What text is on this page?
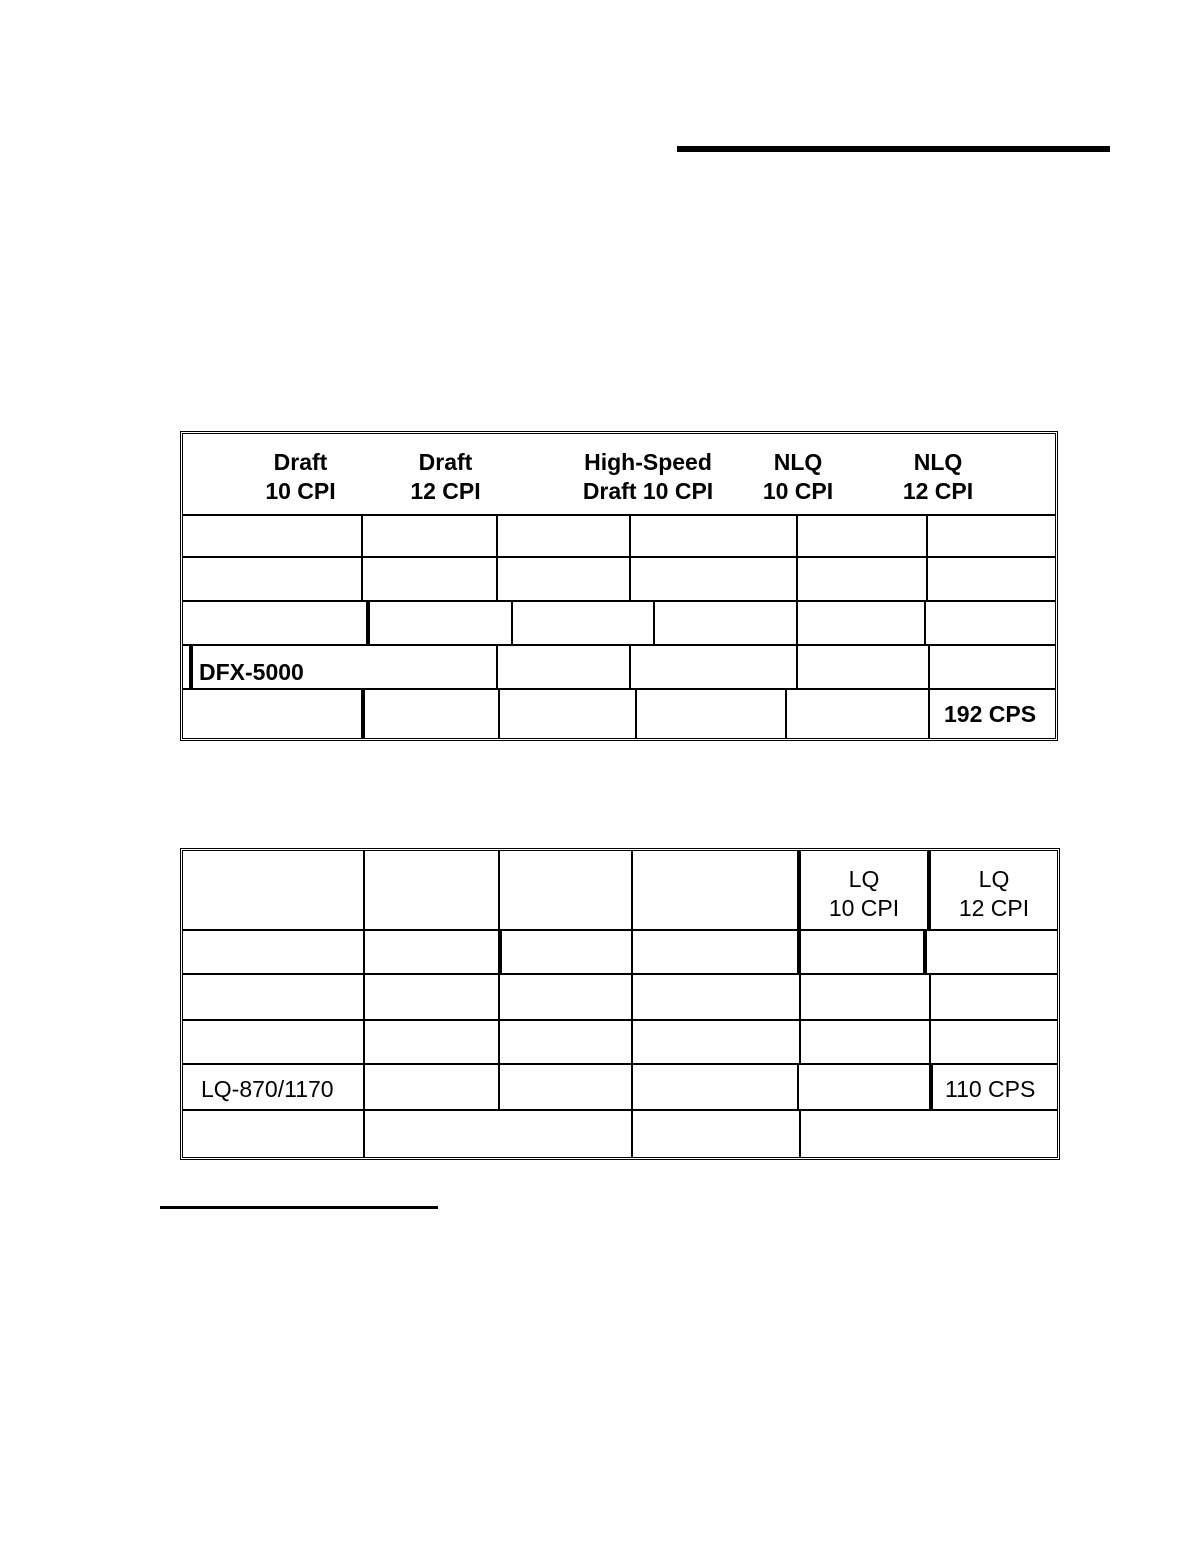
Draft
10 CPI
Draft
12 CPI
High-Speed
Draft 10 CPI
NLQ
10 CPI
NLQ
12 CPI
DFX-5000
192 CPS
LQ
10 CPI
LQ
12 CPI
LQ-870/1170	110 CPS
